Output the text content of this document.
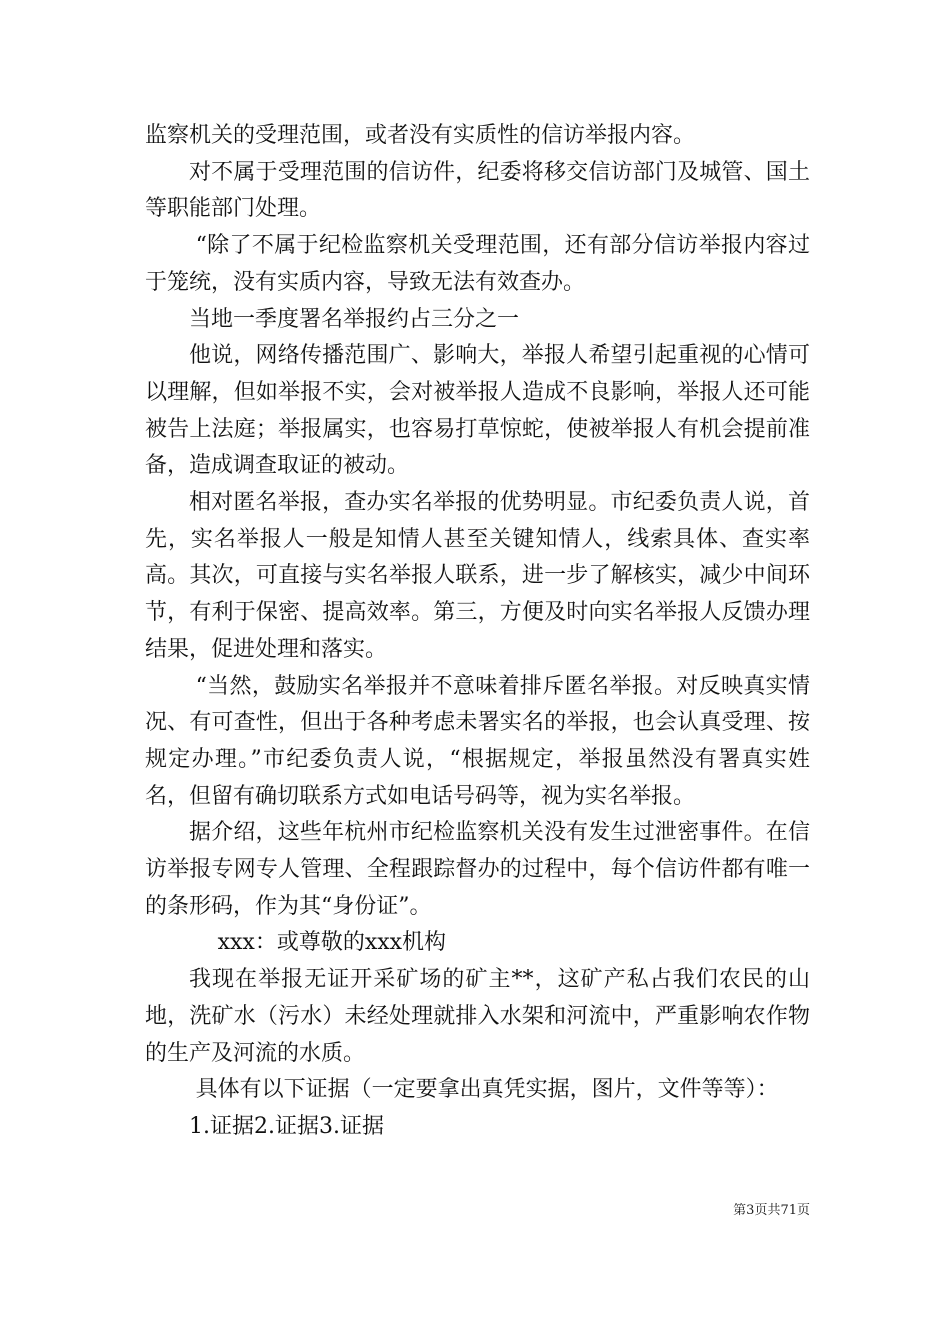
监察机关的受理范围，或者没有实质性的信访举报内容。

对不属于受理范围的信访件，纪委将移交信访部门及城管、国土等职能部门处理。

“除了不属于纪检监察机关受理范围，还有部分信访举报内容过于笼统，没有实质内容，导致无法有效查办。

当地一季度署名举报约占三分之一

他说，网络传播范围广、影响大，举报人希望引起重视的心情可以理解，但如举报不实，会对被举报人造成不良影响，举报人还可能被告上法庭；举报属实，也容易打草惊蛇，使被举报人有机会提前准备，造成调查取证的被动。

相对匿名举报，查办实名举报的优势明显。市纪委负责人说，首先，实名举报人一般是知情人甚至关键知情人，线索具体、查实率高。其次，可直接与实名举报人联系，进一步了解核实，减少中间环节，有利于保密、提高效率。第三，方便及时向实名举报人反馈办理结果，促进处理和落实。

“当然，鼓励实名举报并不意味着排斥匿名举报。对反映真实情况、有可查性，但出于各种考虑未署实名的举报，也会认真受理、按规定办理。”市纪委负责人说，“根据规定，举报虽然没有署真实姓名，但留有确切联系方式如电话号码等，视为实名举报。

据介绍，这些年杭州市纪检监察机关没有发生过泄密事件。在信访举报专网专人管理、全程跟踪督办的过程中，每个信访件都有唯一的条形码，作为其“身份证”。

xxx：或尊敬的xxx机构

我现在举报无证开采矿场的矿主**，这矿产私占我们农民的山地，洗矿水（污水）未经处理就排入水架和河流中，严重影响农作物的生产及河流的水质。

具体有以下证据（一定要拿出真凭实据，图片，文件等等）：

1.证据2.证据3.证据

第3页共71页
